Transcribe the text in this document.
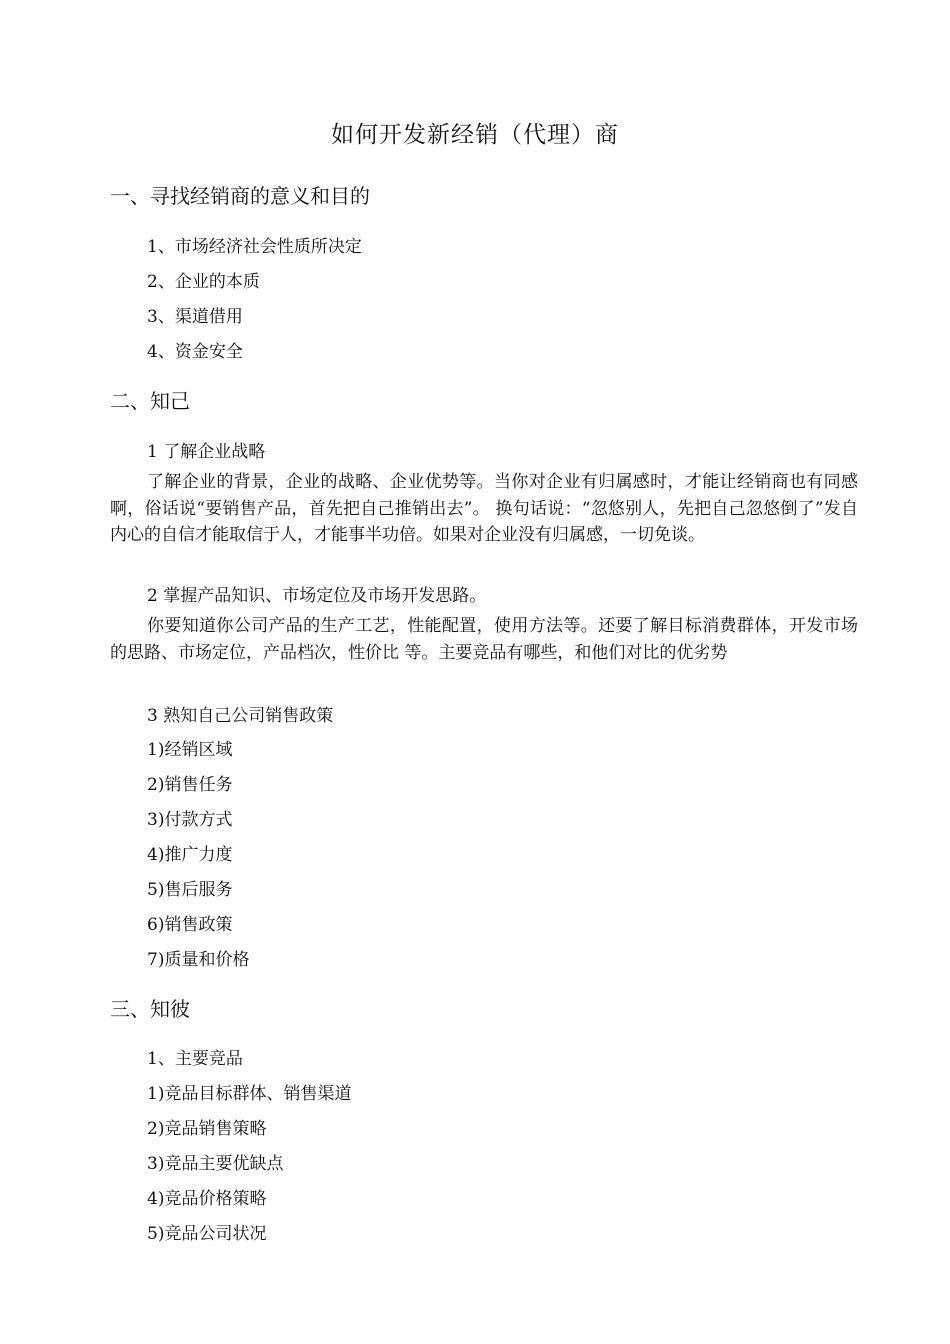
如何开发新经销（代理）商
一、寻找经销商的意义和目的
1、市场经济社会性质所决定
2、企业的本质
3、渠道借用
4、资金安全
二、知己
1 了解企业战略
了解企业的背景，企业的战略、企业优势等。当你对企业有归属感时，才能让经销商也有同感啊，俗话说“要销售产品，首先把自己推销出去”。 换句话说：“忽悠别人，先把自己忽悠倒了”发自内心的自信才能取信于人，才能事半功倍。如果对企业没有归属感，一切免谈。
2 掌握产品知识、市场定位及市场开发思路。
你要知道你公司产品的生产工艺，性能配置，使用方法等。还要了解目标消费群体，开发市场的思路、市场定位，产品档次，性价比 等。主要竞品有哪些，和他们对比的优劣势
3 熟知自己公司销售政策
1)经销区域
2)销售任务
3)付款方式
4)推广力度
5)售后服务
6)销售政策
7)质量和价格
三、知彼
1、主要竞品
1)竞品目标群体、销售渠道
2)竞品销售策略
3)竞品主要优缺点
4)竞品价格策略
5)竞品公司状况
